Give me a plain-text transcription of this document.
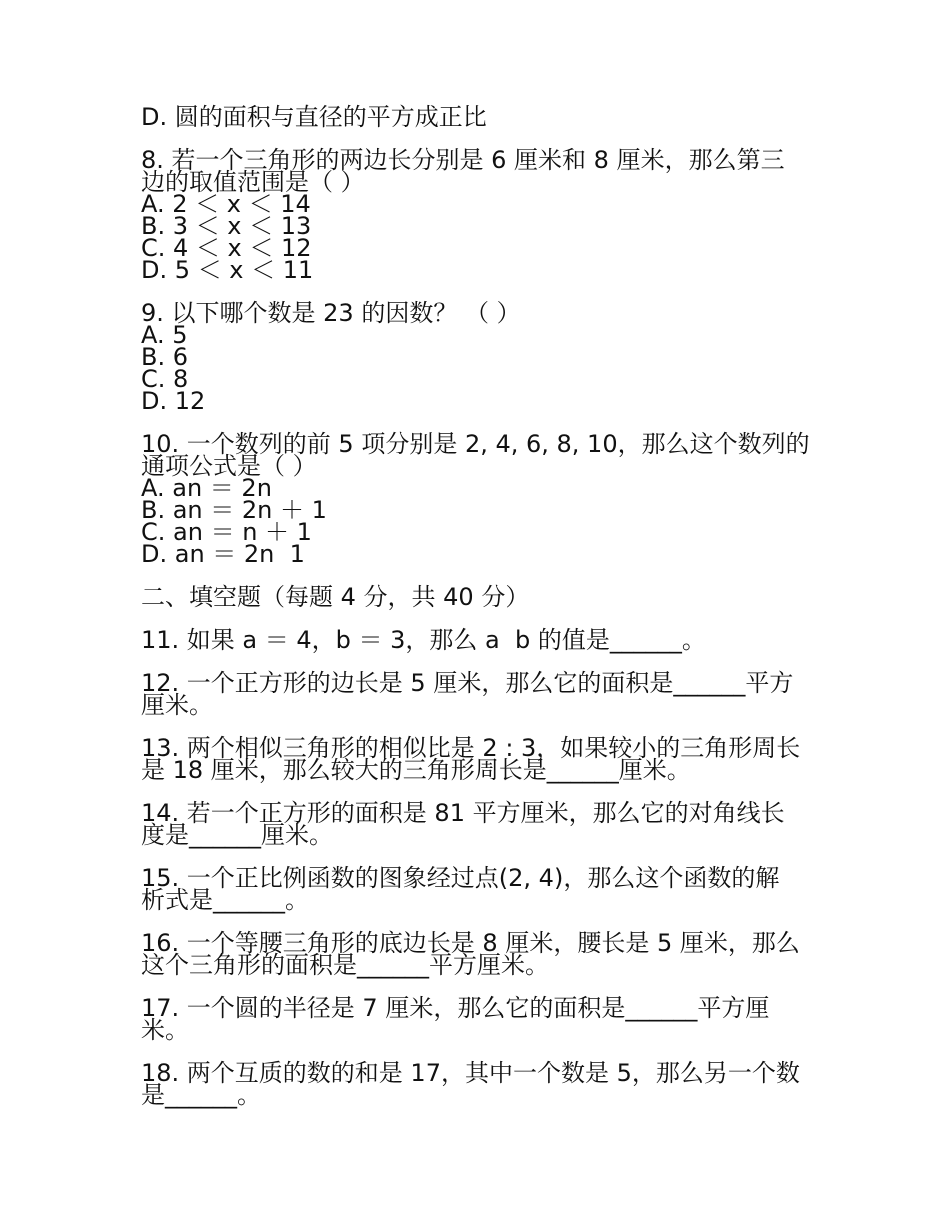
D. 圆的面积与直径的平方成正比
8. 若一个三角形的两边长分别是 6 厘米和 8 厘米，那么第三
边的取值范围是（ ）
A. 2 ＜ x ＜ 14
B. 3 ＜ x ＜ 13
C. 4 ＜ x ＜ 12
D. 5 ＜ x ＜ 11
9. 以下哪个数是 23 的因数？ （ ）
A. 5
B. 6
C. 8
D. 12
10. 一个数列的前 5 项分别是 2, 4, 6, 8, 10，那么这个数列的
通项公式是（ ）
A. an ＝ 2n
B. an ＝ 2n ＋ 1
C. an ＝ n ＋ 1
D. an ＝ 2n  1
二、填空题（每题 4 分，共 40 分）
11. 如果 a ＝ 4，b ＝ 3，那么 a  b 的值是______。
12. 一个正方形的边长是 5 厘米，那么它的面积是______平方
厘米。
13. 两个相似三角形的相似比是 2 : 3，如果较小的三角形周长
是 18 厘米，那么较大的三角形周长是______厘米。
14. 若一个正方形的面积是 81 平方厘米，那么它的对角线长
度是______厘米。
15. 一个正比例函数的图象经过点(2, 4)，那么这个函数的解
析式是______。
16. 一个等腰三角形的底边长是 8 厘米，腰长是 5 厘米，那么
这个三角形的面积是______平方厘米。
17. 一个圆的半径是 7 厘米，那么它的面积是______平方厘
米。
18. 两个互质的数的和是 17，其中一个数是 5，那么另一个数
是______。
